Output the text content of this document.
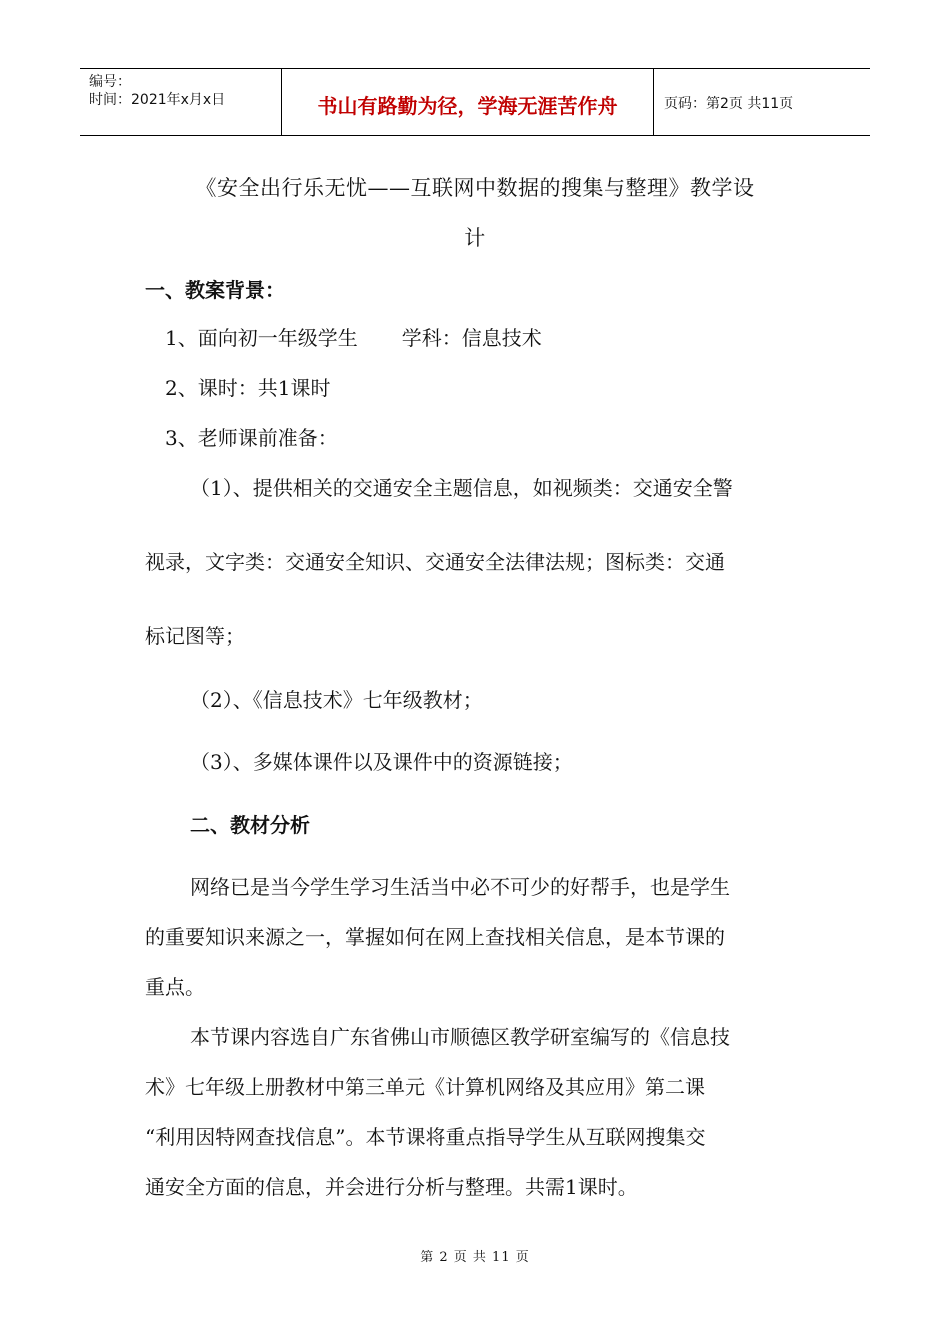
编号：
时间：2021年x月x日	书山有路勤为径，学海无涯苦作舟	页码：第2页 共11页
《安全出行乐无忧——互联网中数据的搜集与整理》教学设
计
一、教案背景：
1、面向初一年级学生 学科：信息技术
2、课时：共1课时
3、老师课前准备：
（1）、提供相关的交通安全主题信息，如视频类：交通安全警
视录，文字类：交通安全知识、交通安全法律法规；图标类：交通
标记图等；
（2）、《信息技术》七年级教材；
（3）、多媒体课件以及课件中的资源链接；
二、教材分析
网络已是当今学生学习生活当中必不可少的好帮手，也是学生
的重要知识来源之一，掌握如何在网上查找相关信息，是本节课的
重点。
本节课内容选自广东省佛山市顺德区教学研室编写的《信息技
术》七年级上册教材中第三单元《计算机网络及其应用》第二课
“利用因特网查找信息”。本节课将重点指导学生从互联网搜集交
通安全方面的信息，并会进行分析与整理。共需1课时。
第 2 页 共 11 页
